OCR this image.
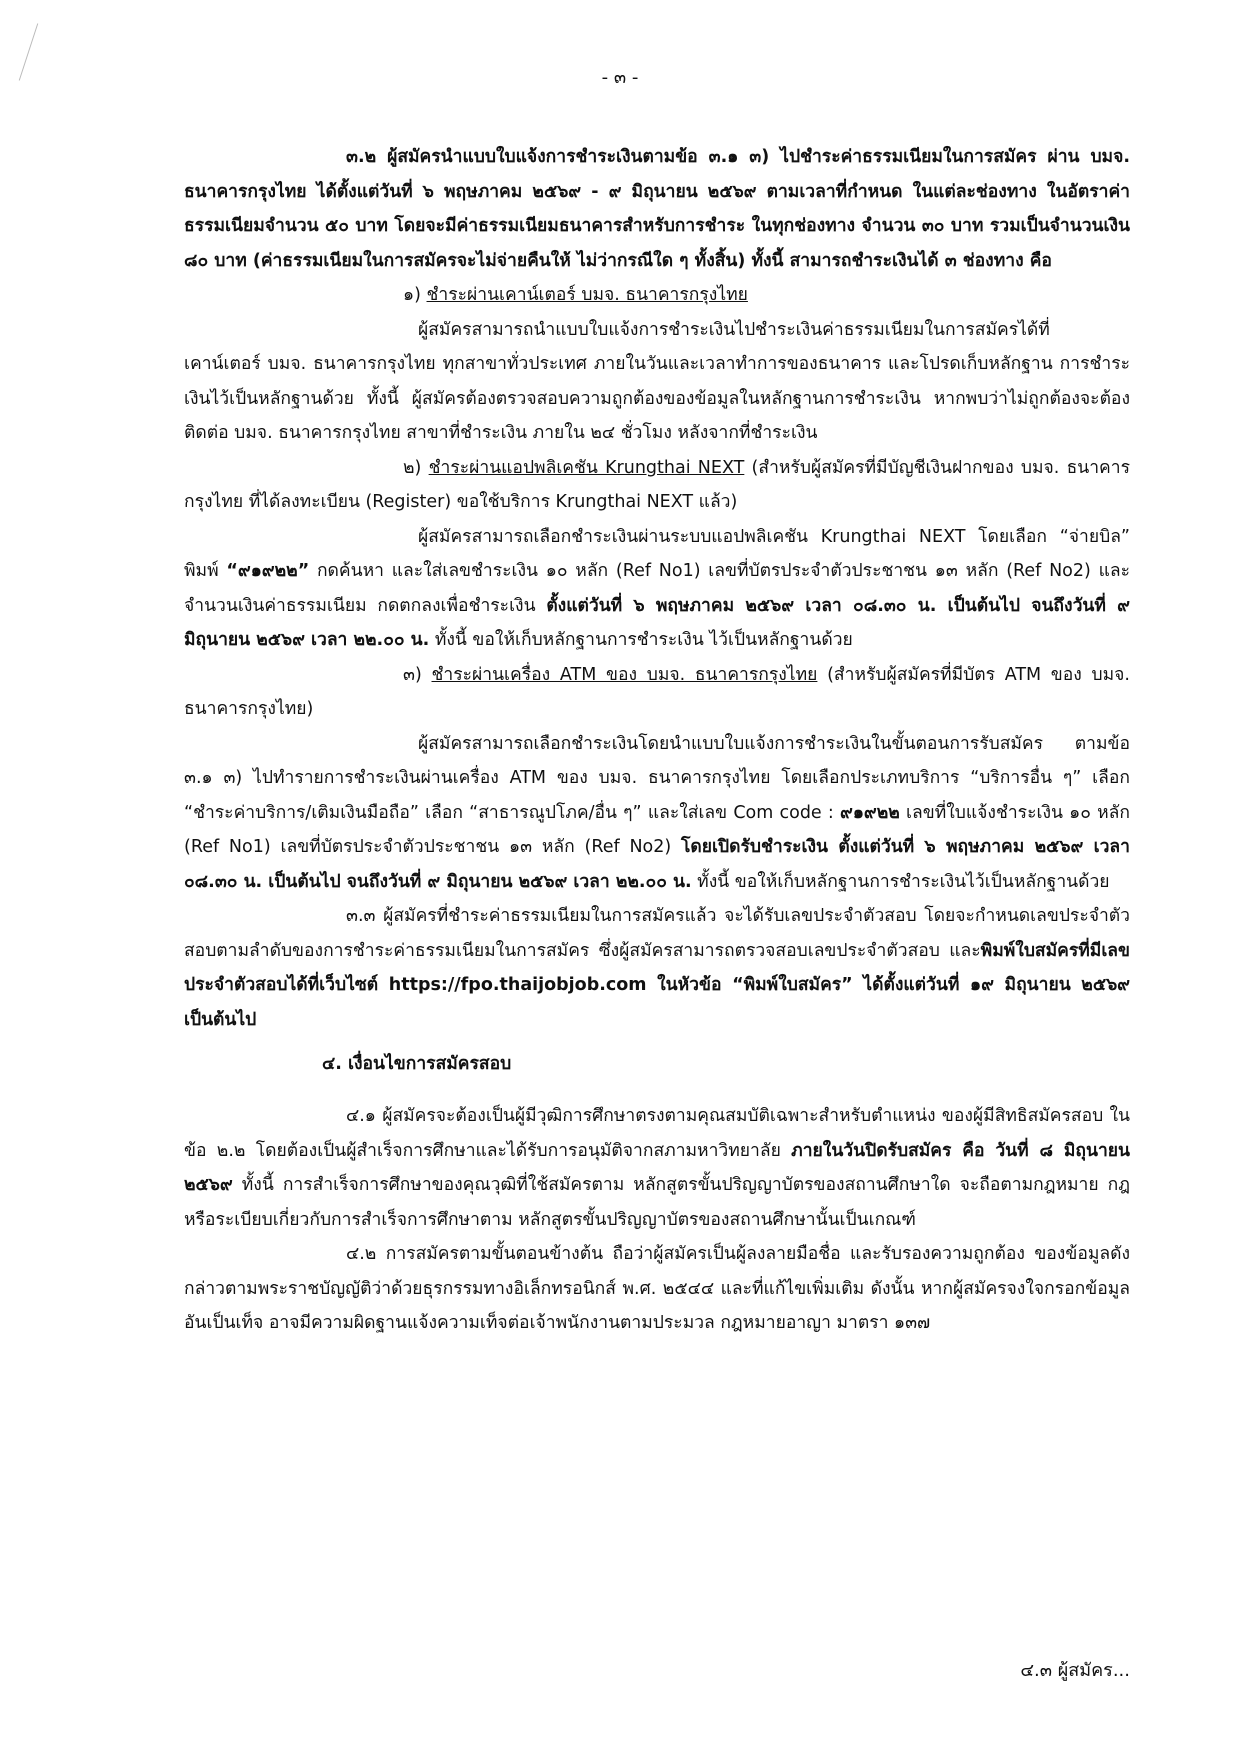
- ๓ -

๓.๒ ผู้สมัครนำแบบใบแจ้งการชำระเงินตามข้อ ๓.๑ ๓) ไปชำระค่าธรรมเนียมในการสมัคร ผ่าน บมจ. ธนาคารกรุงไทย ได้ตั้งแต่วันที่ ๖ พฤษภาคม ๒๕๖๙ - ๙ มิถุนายน ๒๕๖๙ ตามเวลาที่กำหนด ในแต่ละช่องทาง ในอัตราค่าธรรมเนียมจำนวน ๕๐ บาท โดยจะมีค่าธรรมเนียมธนาคารสำหรับการชำระ ในทุกช่องทาง จำนวน ๓๐ บาท รวมเป็นจำนวนเงิน ๘๐ บาท (ค่าธรรมเนียมในการสมัครจะไม่จ่ายคืนให้ ไม่ว่ากรณีใด ๆ ทั้งสิ้น) ทั้งนี้ สามารถชำระเงินได้ ๓ ช่องทาง คือ

๑) ชำระผ่านเคาน์เตอร์ บมจ. ธนาคารกรุงไทย

ผู้สมัครสามารถนำแบบใบแจ้งการชำระเงินไปชำระเงินค่าธรรมเนียมในการสมัครได้ที่ เคาน์เตอร์ บมจ. ธนาคารกรุงไทย ทุกสาขาทั่วประเทศ ภายในวันและเวลาทำการของธนาคาร และโปรดเก็บหลักฐาน การชำระเงินไว้เป็นหลักฐานด้วย ทั้งนี้ ผู้สมัครต้องตรวจสอบความถูกต้องของข้อมูลในหลักฐานการชำระเงิน หากพบว่าไม่ถูกต้องจะต้องติดต่อ บมจ. ธนาคารกรุงไทย สาขาที่ชำระเงิน ภายใน ๒๔ ชั่วโมง หลังจากที่ชำระเงิน

๒) ชำระผ่านแอปพลิเคชัน Krungthai NEXT (สำหรับผู้สมัครที่มีบัญชีเงินฝากของ บมจ. ธนาคารกรุงไทย ที่ได้ลงทะเบียน (Register) ขอใช้บริการ Krungthai NEXT แล้ว)

ผู้สมัครสามารถเลือกชำระเงินผ่านระบบแอปพลิเคชัน Krungthai NEXT โดยเลือก “จ่ายบิล” พิมพ์ “๙๑๙๒๒” กดค้นหา และใส่เลขชำระเงิน ๑๐ หลัก (Ref No1) เลขที่บัตรประจำตัวประชาชน ๑๓ หลัก (Ref No2) และจำนวนเงินค่าธรรมเนียม กดตกลงเพื่อชำระเงิน ตั้งแต่วันที่ ๖ พฤษภาคม ๒๕๖๙ เวลา ๐๘.๓๐ น. เป็นต้นไป จนถึงวันที่ ๙ มิถุนายน ๒๕๖๙ เวลา ๒๒.๐๐ น. ทั้งนี้ ขอให้เก็บหลักฐานการชำระเงิน ไว้เป็นหลักฐานด้วย

๓) ชำระผ่านเครื่อง ATM ของ บมจ. ธนาคารกรุงไทย (สำหรับผู้สมัครที่มีบัตร ATM ของ บมจ. ธนาคารกรุงไทย)

ผู้สมัครสามารถเลือกชำระเงินโดยนำแบบใบแจ้งการชำระเงินในขั้นตอนการรับสมัคร ตามข้อ ๓.๑ ๓) ไปทำรายการชำระเงินผ่านเครื่อง ATM ของ บมจ. ธนาคารกรุงไทย โดยเลือกประเภทบริการ “บริการอื่น ๆ” เลือก “ชำระค่าบริการ/เติมเงินมือถือ” เลือก “สาธารณูปโภค/อื่น ๆ” และใส่เลข Com code : ๙๑๙๒๒ เลขที่ใบแจ้งชำระเงิน ๑๐ หลัก (Ref No1) เลขที่บัตรประจำตัวประชาชน ๑๓ หลัก (Ref No2) โดยเปิดรับชำระเงิน ตั้งแต่วันที่ ๖ พฤษภาคม ๒๕๖๙ เวลา ๐๘.๓๐ น. เป็นต้นไป จนถึงวันที่ ๙ มิถุนายน ๒๕๖๙ เวลา ๒๒.๐๐ น. ทั้งนี้ ขอให้เก็บหลักฐานการชำระเงินไว้เป็นหลักฐานด้วย

๓.๓ ผู้สมัครที่ชำระค่าธรรมเนียมในการสมัครแล้ว จะได้รับเลขประจำตัวสอบ โดยจะกำหนดเลขประจำตัวสอบตามลำดับของการชำระค่าธรรมเนียมในการสมัคร ซึ่งผู้สมัครสามารถตรวจสอบเลขประจำตัวสอบ และพิมพ์ใบสมัครที่มีเลขประจำตัวสอบได้ที่เว็บไซต์ https://fpo.thaijobjob.com ในหัวข้อ “พิมพ์ใบสมัคร” ได้ตั้งแต่วันที่ ๑๙ มิถุนายน ๒๕๖๙ เป็นต้นไป

๔. เงื่อนไขการสมัครสอบ

๔.๑ ผู้สมัครจะต้องเป็นผู้มีวุฒิการศึกษาตรงตามคุณสมบัติเฉพาะสำหรับตำแหน่ง ของผู้มีสิทธิสมัครสอบ ในข้อ ๒.๒ โดยต้องเป็นผู้สำเร็จการศึกษาและได้รับการอนุมัติจากสภามหาวิทยาลัย ภายในวันปิดรับสมัคร คือ วันที่ ๘ มิถุนายน ๒๕๖๙ ทั้งนี้ การสำเร็จการศึกษาของคุณวุฒิที่ใช้สมัครตาม หลักสูตรขั้นปริญญาบัตรของสถานศึกษาใด จะถือตามกฎหมาย กฎหรือระเบียบเกี่ยวกับการสำเร็จการศึกษาตาม หลักสูตรขั้นปริญญาบัตรของสถานศึกษานั้นเป็นเกณฑ์

๔.๒ การสมัครตามขั้นตอนข้างต้น ถือว่าผู้สมัครเป็นผู้ลงลายมือชื่อ และรับรองความถูกต้อง ของข้อมูลดังกล่าวตามพระราชบัญญัติว่าด้วยธุรกรรมทางอิเล็กทรอนิกส์ พ.ศ. ๒๕๔๔ และที่แก้ไขเพิ่มเติม ดังนั้น หากผู้สมัครจงใจกรอกข้อมูลอันเป็นเท็จ อาจมีความผิดฐานแจ้งความเท็จต่อเจ้าพนักงานตามประมวล กฎหมายอาญา มาตรา ๑๓๗

๔.๓ ผู้สมัคร...
